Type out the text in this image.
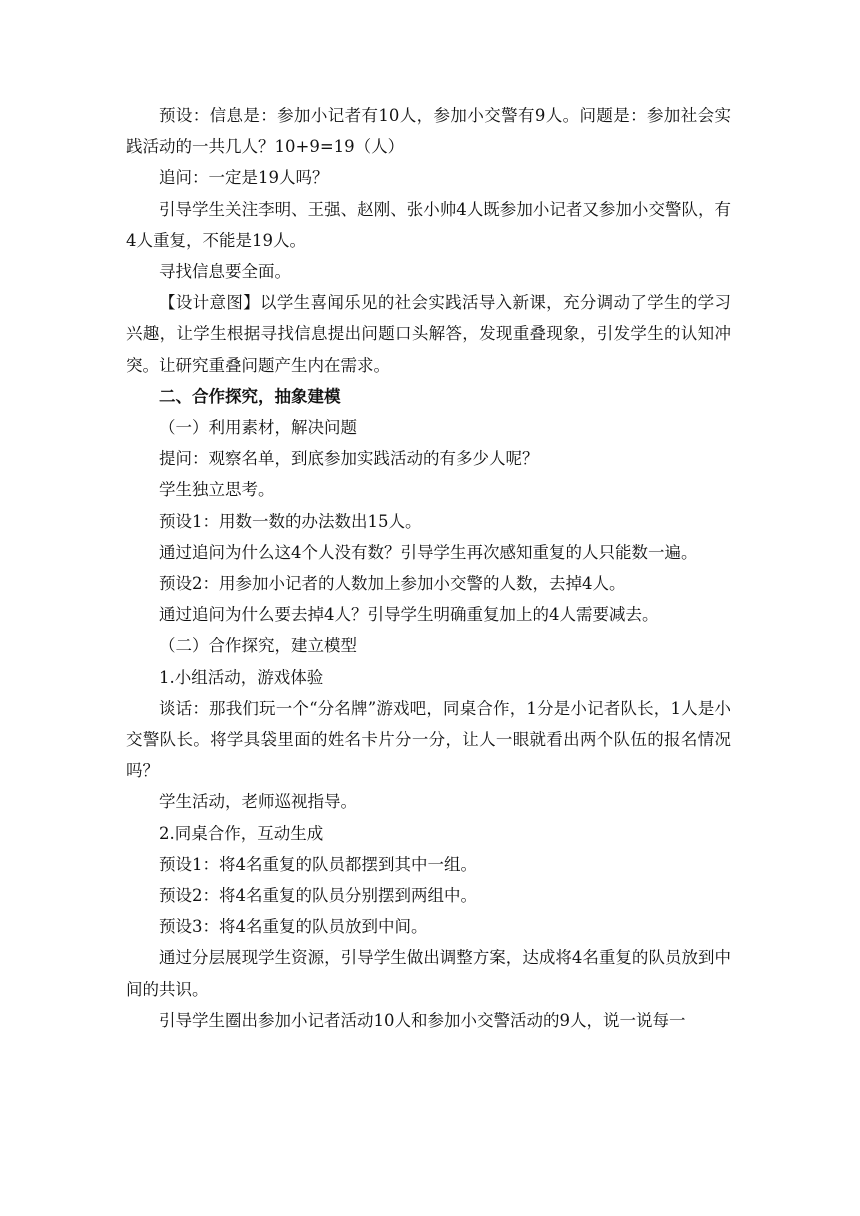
预设：信息是：参加小记者有10人，参加小交警有9人。问题是：参加社会实践活动的一共几人？10+9=19（人）

追问：一定是19人吗？

引导学生关注李明、王强、赵刚、张小帅4人既参加小记者又参加小交警队，有4人重复，不能是19人。

寻找信息要全面。

【设计意图】以学生喜闻乐见的社会实践活导入新课，充分调动了学生的学习兴趣，让学生根据寻找信息提出问题口头解答，发现重叠现象，引发学生的认知冲突。让研究重叠问题产生内在需求。

二、合作探究，抽象建模

（一）利用素材，解决问题

提问：观察名单，到底参加实践活动的有多少人呢？

学生独立思考。

预设1：用数一数的办法数出15人。

通过追问为什么这4个人没有数？引导学生再次感知重复的人只能数一遍。

预设2：用参加小记者的人数加上参加小交警的人数，去掉4人。

通过追问为什么要去掉4人？引导学生明确重复加上的4人需要减去。

（二）合作探究，建立模型

1.小组活动，游戏体验

谈话：那我们玩一个“分名牌”游戏吧，同桌合作，1分是小记者队长，1人是小交警队长。将学具袋里面的姓名卡片分一分，让人一眼就看出两个队伍的报名情况吗？

学生活动，老师巡视指导。

2.同桌合作，互动生成

预设1：将4名重复的队员都摆到其中一组。

预设2：将4名重复的队员分别摆到两组中。

预设3：将4名重复的队员放到中间。

通过分层展现学生资源，引导学生做出调整方案，达成将4名重复的队员放到中间的共识。

引导学生圈出参加小记者活动10人和参加小交警活动的9人，说一说每一
